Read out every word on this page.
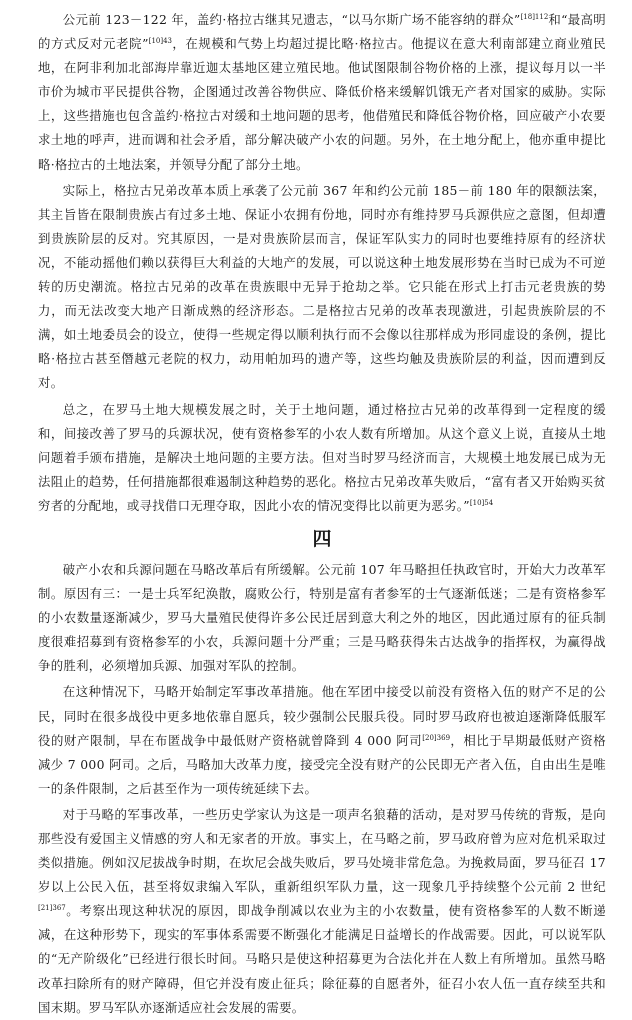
公元前 123－122 年，盖约·格拉古继其兄遗志，“以马尔斯广场不能容纳的群众”$^{[18]112}$和“最高明的方式反对元老院”$^{[10]43}$，在规模和气势上均超过提比略·格拉古。他提议在意大利南部建立商业殖民地，在阿非利加北部海岸靠近迦太基地区建立殖民地。他试图限制谷物价格的上涨，提议每月以一半市价为城市平民提供谷物，企图通过改善谷物供应、降低价格来缓解饥饿无产者对国家的威胁。实际上，这些措施也包含盖约·格拉古对缓和土地问题的思考，他借殖民和降低谷物价格，回应破产小农要求土地的呼声，进而调和社会矛盾，部分解决破产小农的问题。另外，在土地分配上，他亦重申提比略·格拉古的土地法案，并领导分配了部分土地。

实际上，格拉古兄弟改革本质上承袭了公元前 367 年和约公元前 185－前 180 年的限额法案，其主旨皆在限制贵族占有过多土地、保证小农拥有份地，同时亦有维持罗马兵源供应之意图，但却遭到贵族阶层的反对。究其原因，一是对贵族阶层而言，保证军队实力的同时也要维持原有的经济状况，不能动摇他们赖以获得巨大利益的大地产的发展，可以说这种土地发展形势在当时已成为不可逆转的历史潮流。格拉古兄弟的改革在贵族眼中无异于抢劫之举。它只能在形式上打击元老贵族的势力，而无法改变大地产日渐成熟的经济形态。二是格拉古兄弟的改革表现激进，引起贵族阶层的不满，如土地委员会的设立，使得一些规定得以顺利执行而不会像以往那样成为形同虚设的条例，提比略·格拉古甚至僭越元老院的权力，动用帕加玛的遗产等，这些均触及贵族阶层的利益，因而遭到反对。

总之，在罗马土地大规模发展之时，关于土地问题，通过格拉古兄弟的改革得到一定程度的缓和，间接改善了罗马的兵源状况，使有资格参军的小农人数有所增加。从这个意义上说，直接从土地问题着手颁布措施，是解决土地问题的主要方法。但对当时罗马经济而言，大规模土地发展已成为无法阻止的趋势，任何措施都很难遏制这种趋势的恶化。格拉古兄弟改革失败后，“富有者又开始购买贫穷者的分配地，或寻找借口无理夺取，因此小农的情况变得比以前更为恶劣。”$^{[10]54}$

四

破产小农和兵源问题在马略改革后有所缓解。公元前 107 年马略担任执政官时，开始大力改革军制。原因有三：一是士兵军纪涣散，腐败公行，特别是富有者参军的士气逐渐低迷；二是有资格参军的小农数量逐渐减少，罗马大量殖民使得许多公民迁居到意大利之外的地区，因此通过原有的征兵制度很难招募到有资格参军的小农，兵源问题十分严重；三是马略获得朱古达战争的指挥权，为赢得战争的胜利，必须增加兵源、加强对军队的控制。

在这种情况下，马略开始制定军事改革措施。他在军团中接受以前没有资格入伍的财产不足的公民，同时在很多战役中更多地依靠自愿兵，较少强制公民服兵役。同时罗马政府也被迫逐渐降低服军役的财产限制，早在布匿战争中最低财产资格就曾降到 4 000 阿司$^{[20]369}$，相比于早期最低财产资格减少 7 000 阿司。之后，马略加大改革力度，接受完全没有财产的公民即无产者入伍，自由出生是唯一的条件限制，之后甚至作为一项传统延续下去。

对于马略的军事改革，一些历史学家认为这是一项声名狼藉的活动，是对罗马传统的背叛，是向那些没有爱国主义情感的穷人和无家者的开放。事实上，在马略之前，罗马政府曾为应对危机采取过类似措施。例如汉尼拔战争时期，在坎尼会战失败后，罗马处境非常危急。为挽救局面，罗马征召 17 岁以上公民入伍，甚至将奴隶编入军队，重新组织军队力量，这一现象几乎持续整个公元前 2 世纪$^{[21]367}$。考察出现这种状况的原因，即战争削减以农业为主的小农数量，使有资格参军的人数不断递减，在这种形势下，现实的军事体系需要不断强化才能满足日益增长的作战需要。因此，可以说军队的“无产阶级化”已经进行很长时间。马略只是使这种招募更为合法化并在人数上有所增加。虽然马略改革扫除所有的财产障碍，但它并没有废止征兵；除征募的自愿者外，征召小农人伍一直存续至共和国末期。罗马军队亦逐渐适应社会发展的需要。
